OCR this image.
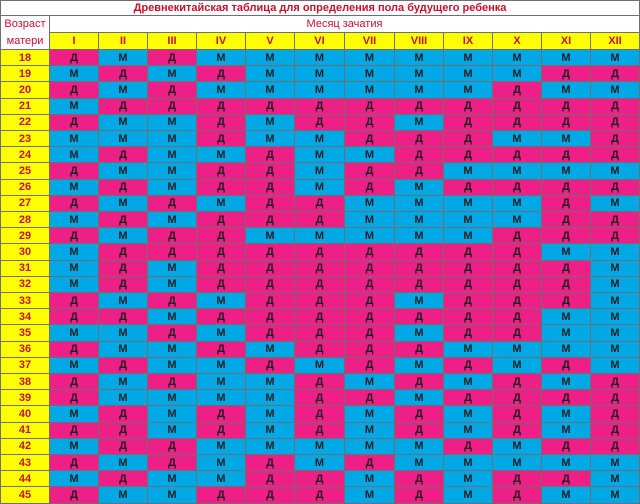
Древнекитайская таблица для определения пола будущего ребенка
Возраст
матери
Месяц зачатия
I	II	III	IV	V	VI	VII	VIII	IX	X	XI	XII
18	Д	М	Д	М	М	М	М	М	М	М	М	М
19	М	Д	М	Д	М	М	М	М	М	М	Д	Д
20	Д	М	Д	М	М	М	М	М	М	Д	М	М
21	М	Д	Д	Д	Д	Д	Д	Д	Д	Д	Д	Д
22	Д	М	М	Д	М	Д	Д	М	Д	Д	Д	Д
23	М	М	М	Д	М	М	Д	Д	Д	М	М	Д
24	М	Д	М	М	Д	М	М	Д	Д	Д	Д	Д
25	Д	М	М	Д	Д	М	Д	Д	М	М	М	М
26	М	Д	М	Д	Д	М	Д	М	Д	Д	Д	Д
27	Д	М	Д	М	Д	Д	М	М	М	М	Д	М
28	М	Д	М	Д	Д	Д	М	М	М	М	Д	Д
29	Д	М	Д	Д	М	М	М	М	М	Д	Д	Д
30	М	Д	Д	Д	Д	Д	Д	Д	Д	Д	М	М
31	М	Д	М	Д	Д	Д	Д	Д	Д	Д	Д	М
32	М	Д	М	Д	Д	Д	Д	Д	Д	Д	Д	М
33	Д	М	Д	М	Д	Д	Д	М	Д	Д	Д	М
34	Д	Д	М	Д	Д	Д	Д	Д	Д	Д	М	М
35	М	М	Д	М	Д	Д	Д	М	Д	Д	М	М
36	Д	М	М	Д	М	Д	Д	Д	М	М	М	М
37	М	Д	М	М	Д	М	Д	М	Д	М	Д	М
38	Д	М	Д	М	М	Д	М	Д	М	Д	М	Д
39	Д	М	М	М	М	Д	Д	М	Д	Д	Д	Д
40	М	Д	М	Д	М	Д	М	Д	М	Д	М	Д
41	Д	Д	М	Д	М	Д	М	Д	М	Д	М	Д
42	М	Д	Д	М	М	М	М	М	Д	М	Д	Д
43	Д	М	Д	М	Д	М	Д	М	М	М	М	М
44	М	Д	М	М	Д	Д	М	Д	М	Д	Д	М
45	Д	М	М	Д	Д	Д	М	Д	М	Д	М	М
